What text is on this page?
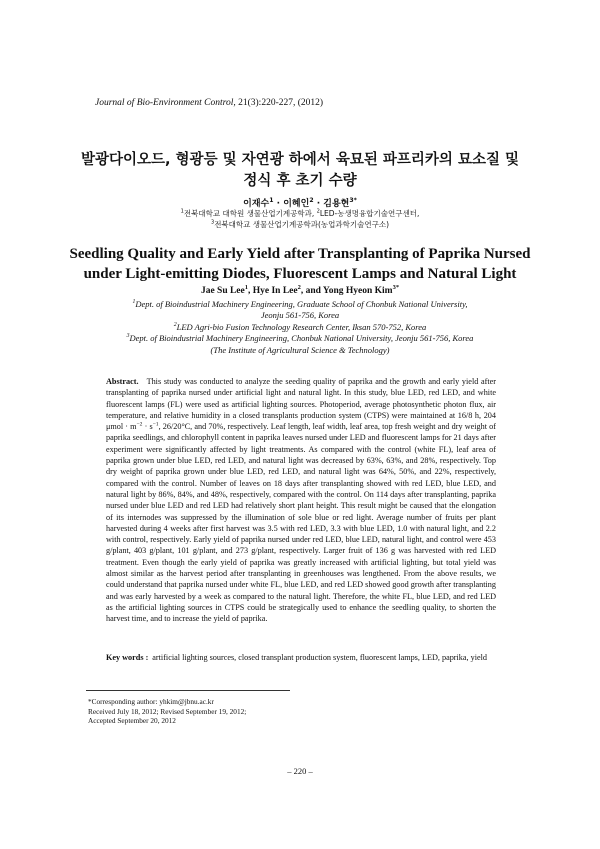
Journal of Bio-Environment Control, 21(3):220-227, (2012)
발광다이오드, 형광등 및 자연광 하에서 육묘된 파프리카의 묘소질 및
정식 후 초기 수량
이재수$^1$ · 이혜인$^2$ · 김용현$^{3*}$
$^1$전북대학교 대학원 생물산업기계공학과, $^2$LED-농생명융합기술연구센터,
$^3$전북대학교 생물산업기계공학과(농업과학기술연구소)
Seedling Quality and Early Yield after Transplanting of Paprika Nursed
under Light-emitting Diodes, Fluorescent Lamps and Natural Light
Jae Su Lee$^1$, Hye In Lee$^2$, and Yong Hyeon Kim$^{3*}$
$^1$Dept. of Bioindustrial Machinery Engineering, Graduate School of Chonbuk National University,
Jeonju 561-756, Korea
$^2$LED Agri-bio Fusion Technology Research Center, Iksan 570-752, Korea
$^3$Dept. of Bioindustrial Machinery Engineering, Chonbuk National University, Jeonju 561-756, Korea
(The Institute of Agricultural Science & Technology)
Abstract. This study was conducted to analyze the seeding quality of paprika and the growth and early yield after transplanting of paprika nursed under artificial light and natural light. In this study, blue LED, red LED, and white fluorescent lamps (FL) were used as artificial lighting sources. Photoperiod, average photosynthetic photon flux, air temperature, and relative humidity in a closed transplants production system (CTPS) were maintained at 16/8 h, 204 $\mu mol \cdot m^{-2} \cdot s^{-1}$, 26/20°C, and 70%, respectively. Leaf length, leaf width, leaf area, top fresh weight and dry weight of paprika seedlings, and chlorophyll content in paprika leaves nursed under LED and fluorescent lamps for 21 days after experiment were significantly affected by light treatments. As compared with the control (white FL), leaf area of paprika grown under blue LED, red LED, and natural light was decreased by 63%, 63%, and 28%, respectively. Top dry weight of paprika grown under blue LED, red LED, and natural light was 64%, 50%, and 22%, respectively, compared with the control. Number of leaves on 18 days after transplanting showed with red LED, blue LED, and natural light by 86%, 84%, and 48%, respectively, compared with the control. On 114 days after transplanting, paprika nursed under blue LED and red LED had relatively short plant height. This result might be caused that the elongation of its internodes was suppressed by the illumination of sole blue or red light. Average number of fruits per plant harvested during 4 weeks after first harvest was 3.5 with red LED, 3.3 with blue LED, 1.0 with natural light, and 2.2 with control, respectively. Early yield of paprika nursed under red LED, blue LED, natural light, and control were 453 g/plant, 403 g/plant, 101 g/plant, and 273 g/plant, respectively. Larger fruit of 136 g was harvested with red LED treatment. Even though the early yield of paprika was greatly increased with artificial lighting, but total yield was almost similar as the harvest period after transplanting in greenhouses was lengthened. From the above results, we could understand that paprika nursed under white FL, blue LED, and red LED showed good growth after transplanting and was early harvested by a week as compared to the natural light. Therefore, the white FL, blue LED, and red LED as the artificial lighting sources in CTPS could be strategically used to enhance the seedling quality, to shorten the harvest time, and to increase the yield of paprika.
Key words : artificial lighting sources, closed transplant production system, fluorescent lamps, LED, paprika, yield
*Corresponding author: yhkim@jbnu.ac.kr
Received July 18, 2012; Revised September 19, 2012;
Accepted September 20, 2012
– 220 –
